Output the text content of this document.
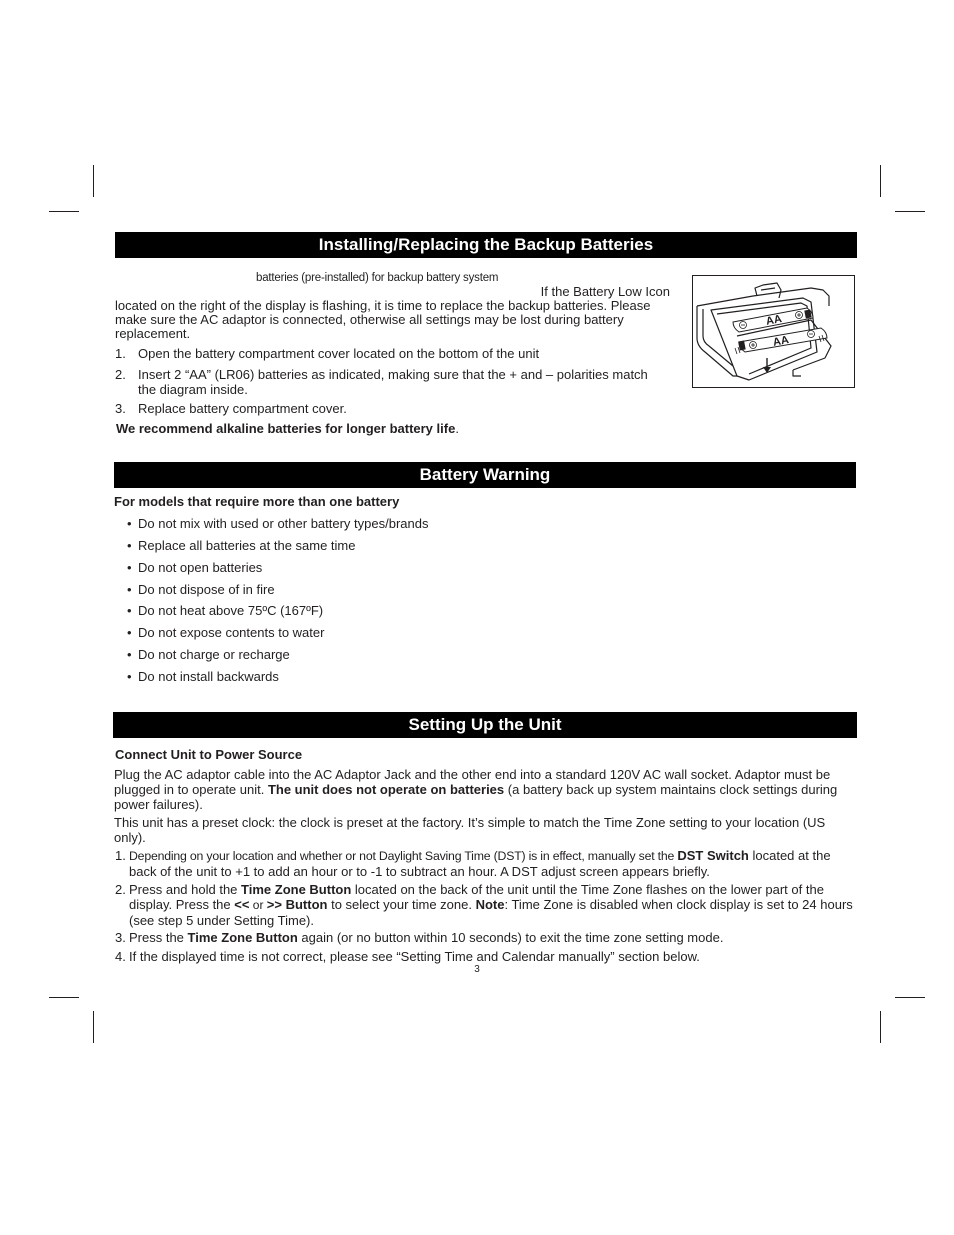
Installing/Replacing the Backup Batteries
batteries (pre-installed) for backup battery system
If the Battery Low Icon
located on the right of the display is flashing, it is time to replace the backup batteries. Please
make sure the AC adaptor is connected, otherwise all settings may be lost during battery
replacement.
1. Open the battery compartment cover located on the bottom of the unit
2. Insert 2 “AA” (LR06) batteries as indicated, making sure that the + and – polarities match
the diagram inside.
3. Replace battery compartment cover.
We recommend alkaline batteries for longer battery life.
AA
AA
Battery Warning
For models that require more than one battery
• Do not mix with used or other battery types/brands
• Replace all batteries at the same time
• Do not open batteries
• Do not dispose of in fire
• Do not heat above 75ºC (167ºF)
• Do not expose contents to water
• Do not charge or recharge
• Do not install backwards
Setting Up the Unit
Connect Unit to Power Source
Plug the AC adaptor cable into the AC Adaptor Jack and the other end into a standard 120V AC wall socket. Adaptor must be plugged in to operate unit. The unit does not operate on batteries (a battery back up system maintains clock settings during power failures).
This unit has a preset clock: the clock is preset at the factory. It’s simple to match the Time Zone setting to your location (US only).
1. Depending on your location and whether or not Daylight Saving Time (DST) is in effect, manually set the DST Switch located at the back of the unit to +1 to add an hour or to -1 to subtract an hour. A DST adjust screen appears briefly.
2. Press and hold the Time Zone Button located on the back of the unit until the Time Zone flashes on the lower part of the display. Press the << or >> Button to select your time zone. Note: Time Zone is disabled when clock display is set to 24 hours (see step 5 under Setting Time).
3. Press the Time Zone Button again (or no button within 10 seconds) to exit the time zone setting mode.
4. If the displayed time is not correct, please see “Setting Time and Calendar manually” section below.
3
